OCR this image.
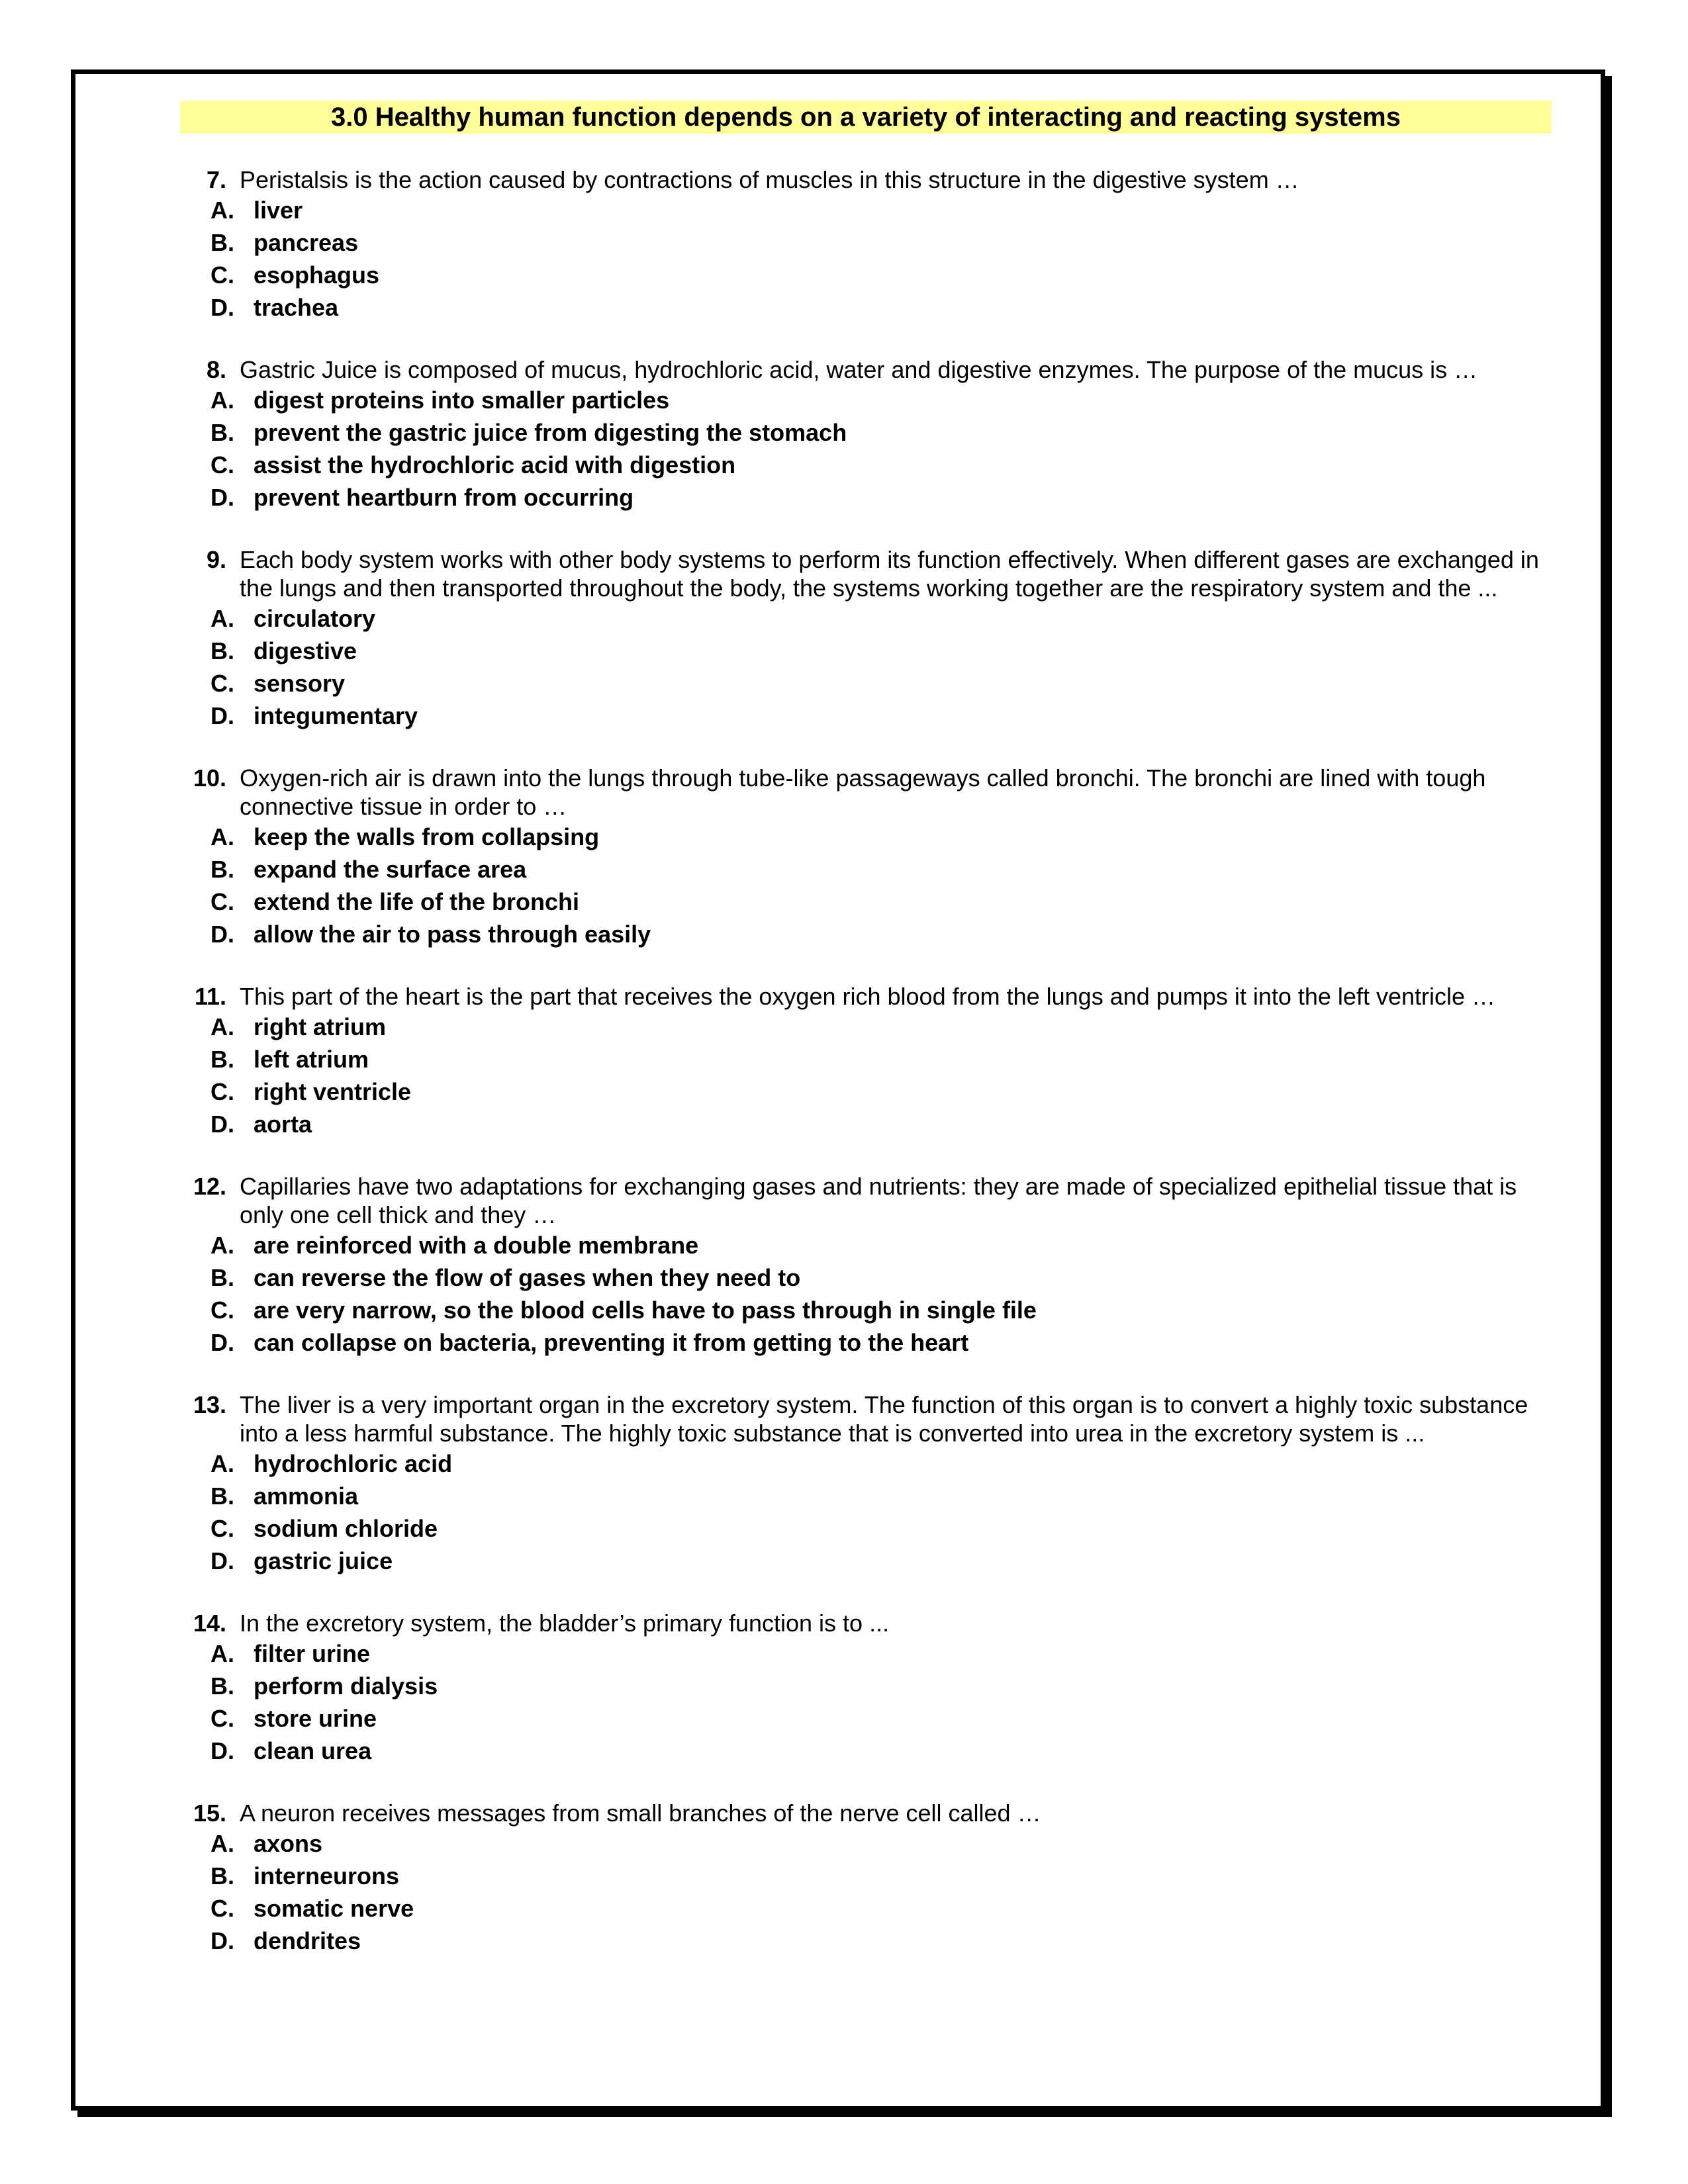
3.0 Healthy human function depends on a variety of interacting and reacting systems
7. Peristalsis is the action caused by contractions of muscles in this structure in the digestive system …
A. liver
B. pancreas
C. esophagus
D. trachea
8. Gastric Juice is composed of mucus, hydrochloric acid, water and digestive enzymes. The purpose of the mucus is …
A. digest proteins into smaller particles
B. prevent the gastric juice from digesting the stomach
C. assist the hydrochloric acid with digestion
D. prevent heartburn from occurring
9. Each body system works with other body systems to perform its function effectively. When different gases are exchanged in the lungs and then transported throughout the body, the systems working together are the respiratory system and the ...
A. circulatory
B. digestive
C. sensory
D. integumentary
10. Oxygen-rich air is drawn into the lungs through tube-like passageways called bronchi. The bronchi are lined with tough connective tissue in order to …
A. keep the walls from collapsing
B. expand the surface area
C. extend the life of the bronchi
D. allow the air to pass through easily
11. This part of the heart is the part that receives the oxygen rich blood from the lungs and pumps it into the left ventricle …
A. right atrium
B. left atrium
C. right ventricle
D. aorta
12. Capillaries have two adaptations for exchanging gases and nutrients: they are made of specialized epithelial tissue that is only one cell thick and they …
A. are reinforced with a double membrane
B. can reverse the flow of gases when they need to
C. are very narrow, so the blood cells have to pass through in single file
D. can collapse on bacteria, preventing it from getting to the heart
13. The liver is a very important organ in the excretory system. The function of this organ is to convert a highly toxic substance into a less harmful substance. The highly toxic substance that is converted into urea in the excretory system is ...
A. hydrochloric acid
B. ammonia
C. sodium chloride
D. gastric juice
14. In the excretory system, the bladder’s primary function is to ...
A. filter urine
B. perform dialysis
C. store urine
D. clean urea
15. A neuron receives messages from small branches of the nerve cell called …
A. axons
B. interneurons
C. somatic nerve
D. dendrites
